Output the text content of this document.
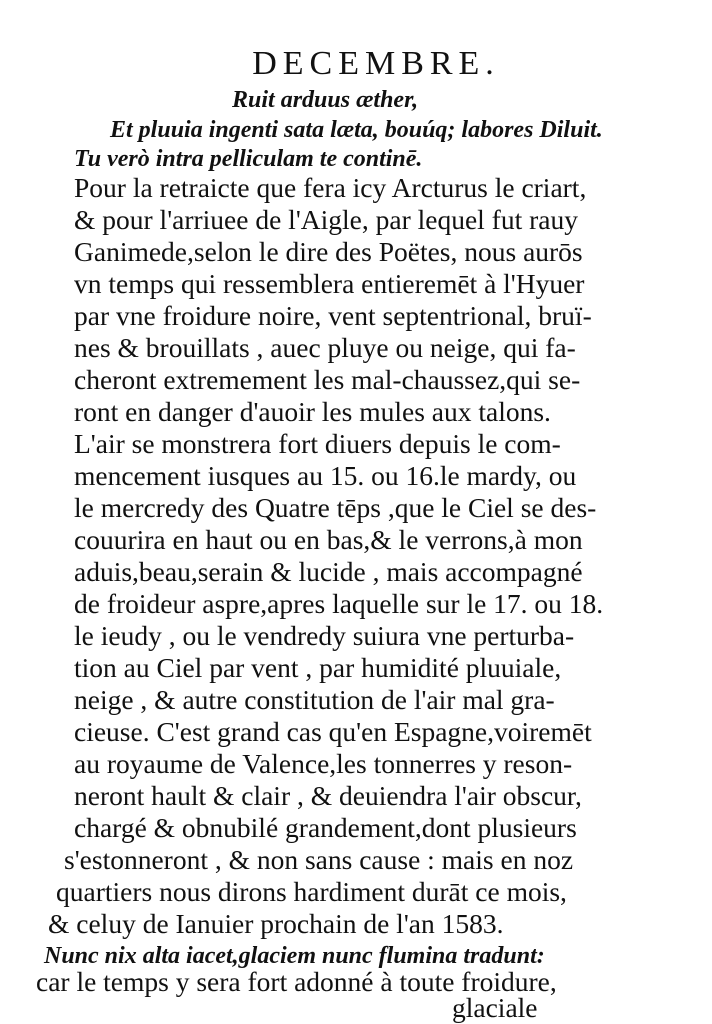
DECEMBRE.
Ruit arduus æther,
Et pluuia ingenti sata læta, bouúq; labores Diluit.
Tu verò intra pelliculam te continē.
Pour la retraicte que fera icy Arcturus le criart,
& pour l'arriuee de l'Aigle, par lequel fut rauy
Ganimede,selon le dire des Poëtes, nous aurōs
vn temps qui ressemblera entieremēt à l'Hyuer
par vne froidure noire, vent septentrional, bruï-
nes & brouillats , auec pluye ou neige, qui fa-
cheront extremement les mal-chaussez,qui se-
ront en danger d'auoir les mules aux talons.
L'air se monstrera fort diuers depuis le com-
mencement iusques au 15. ou 16.le mardy, ou
le mercredy des Quatre tēps ,que le Ciel se des-
couurira en haut ou en bas,& le verrons,à mon
aduis,beau,serain & lucide , mais accompagné
de froideur aspre,apres laquelle sur le 17. ou 18.
le ieudy , ou le vendredy suiura vne perturba-
tion au Ciel par vent , par humidité pluuiale,
neige , & autre constitution de l'air mal gra-
cieuse. C'est grand cas qu'en Espagne,voiremēt
au royaume de Valence,les tonnerres y reson-
neront hault & clair , & deuiendra l'air obscur,
chargé & obnubilé grandement,dont plusieurs
s'estonneront , & non sans cause : mais en noz
quartiers nous dirons hardiment durāt ce mois,
& celuy de Ianuier prochain de l'an 1583.
Nunc nix alta iacet,glaciem nunc flumina tradunt:
car le temps y sera fort adonné à toute froidure,
glaciale
